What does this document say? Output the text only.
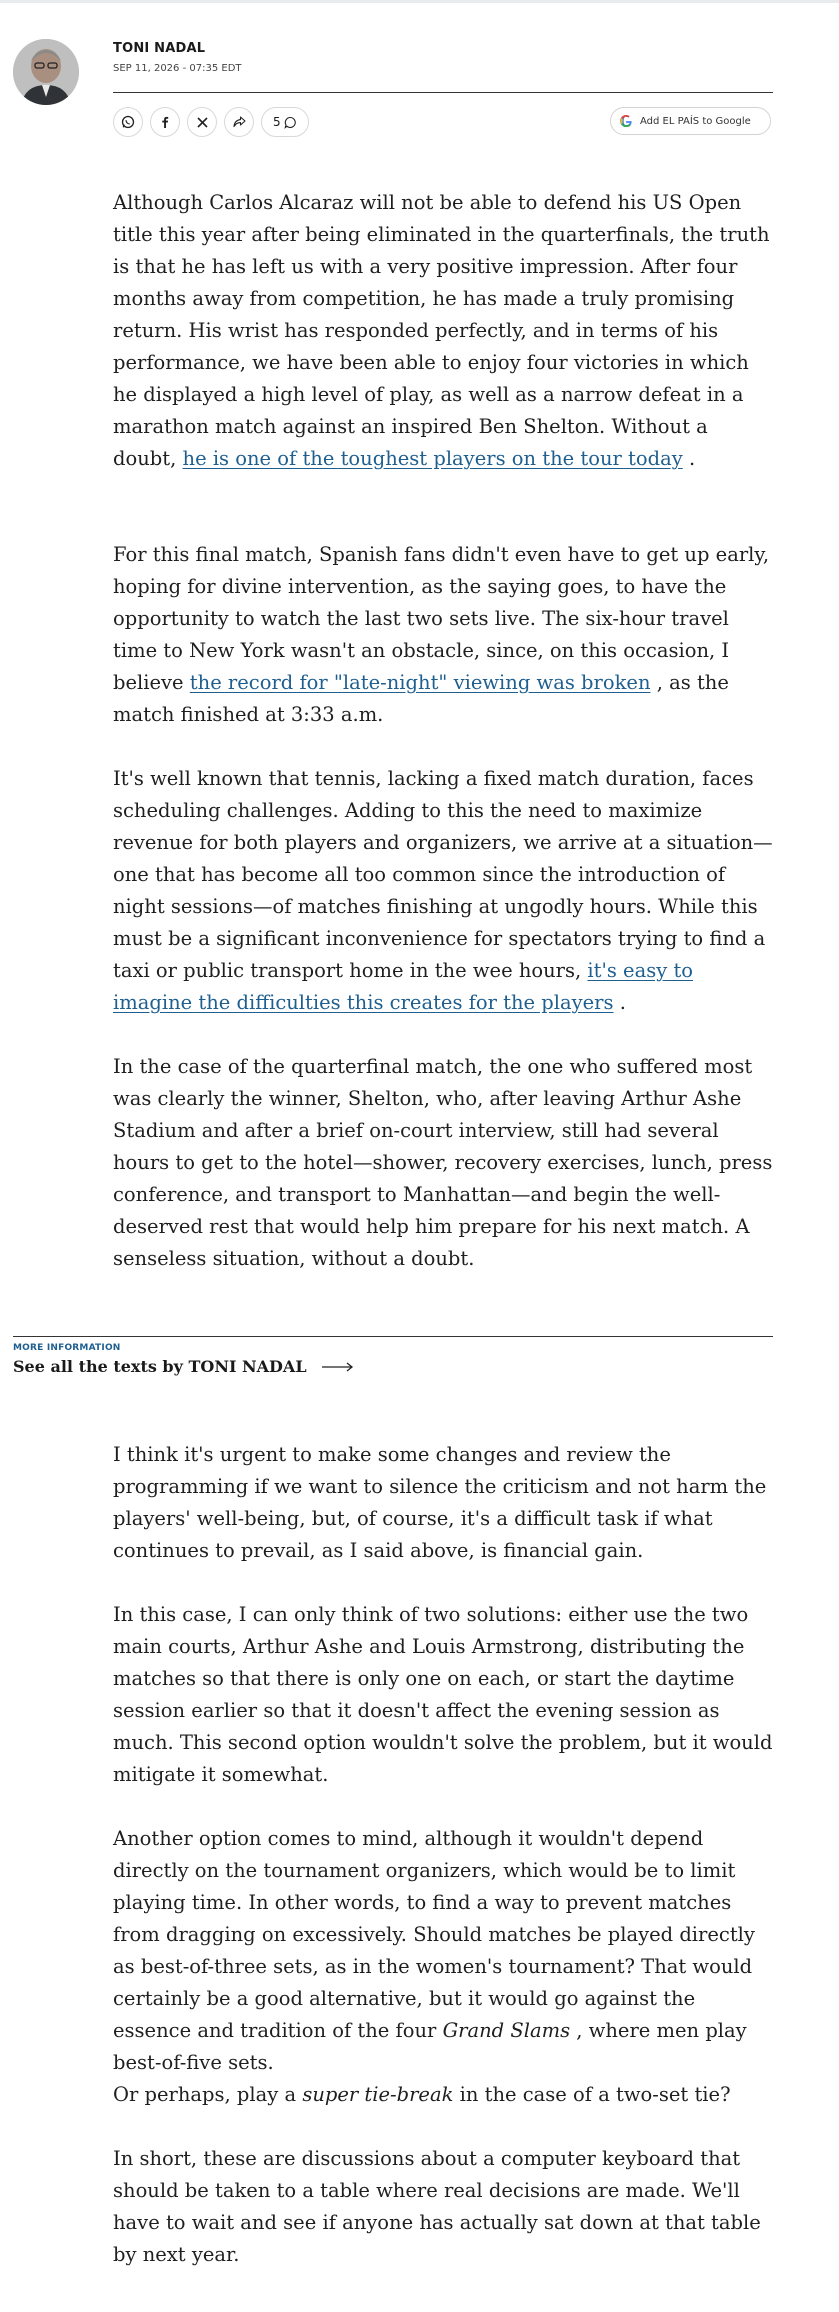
TONI NADAL
SEP 11, 2026 - 07:35 EDT
5	Add EL PAÍS to Google

Although Carlos Alcaraz will not be able to defend his US Open title this year after being eliminated in the quarterfinals, the truth is that he has left us with a very positive impression. After four months away from competition, he has made a truly promising return. His wrist has responded perfectly, and in terms of his performance, we have been able to enjoy four victories in which he displayed a high level of play, as well as a narrow defeat in a marathon match against an inspired Ben Shelton. Without a doubt, he is one of the toughest players on the tour today .

For this final match, Spanish fans didn't even have to get up early, hoping for divine intervention, as the saying goes, to have the opportunity to watch the last two sets live. The six-hour travel time to New York wasn't an obstacle, since, on this occasion, I believe the record for "late-night" viewing was broken , as the match finished at 3:33 a.m.

It's well known that tennis, lacking a fixed match duration, faces scheduling challenges. Adding to this the need to maximize revenue for both players and organizers, we arrive at a situation—one that has become all too common since the introduction of night sessions—of matches finishing at ungodly hours. While this must be a significant inconvenience for spectators trying to find a taxi or public transport home in the wee hours, it's easy to imagine the difficulties this creates for the players .

In the case of the quarterfinal match, the one who suffered most was clearly the winner, Shelton, who, after leaving Arthur Ashe Stadium and after a brief on-court interview, still had several hours to get to the hotel—shower, recovery exercises, lunch, press conference, and transport to Manhattan—and begin the well-deserved rest that would help him prepare for his next match. A senseless situation, without a doubt.

MORE INFORMATION
See all the texts by TONI NADAL

I think it's urgent to make some changes and review the programming if we want to silence the criticism and not harm the players' well-being, but, of course, it's a difficult task if what continues to prevail, as I said above, is financial gain.

In this case, I can only think of two solutions: either use the two main courts, Arthur Ashe and Louis Armstrong, distributing the matches so that there is only one on each, or start the daytime session earlier so that it doesn't affect the evening session as much. This second option wouldn't solve the problem, but it would mitigate it somewhat.

Another option comes to mind, although it wouldn't depend directly on the tournament organizers, which would be to limit playing time. In other words, to find a way to prevent matches from dragging on excessively. Should matches be played directly as best-of-three sets, as in the women's tournament? That would certainly be a good alternative, but it would go against the essence and tradition of the four Grand Slams , where men play best-of-five sets.

Or perhaps, play a super tie-break in the case of a two-set tie?

In short, these are discussions about a computer keyboard that should be taken to a table where real decisions are made. We'll have to wait and see if anyone has actually sat down at that table by next year.
